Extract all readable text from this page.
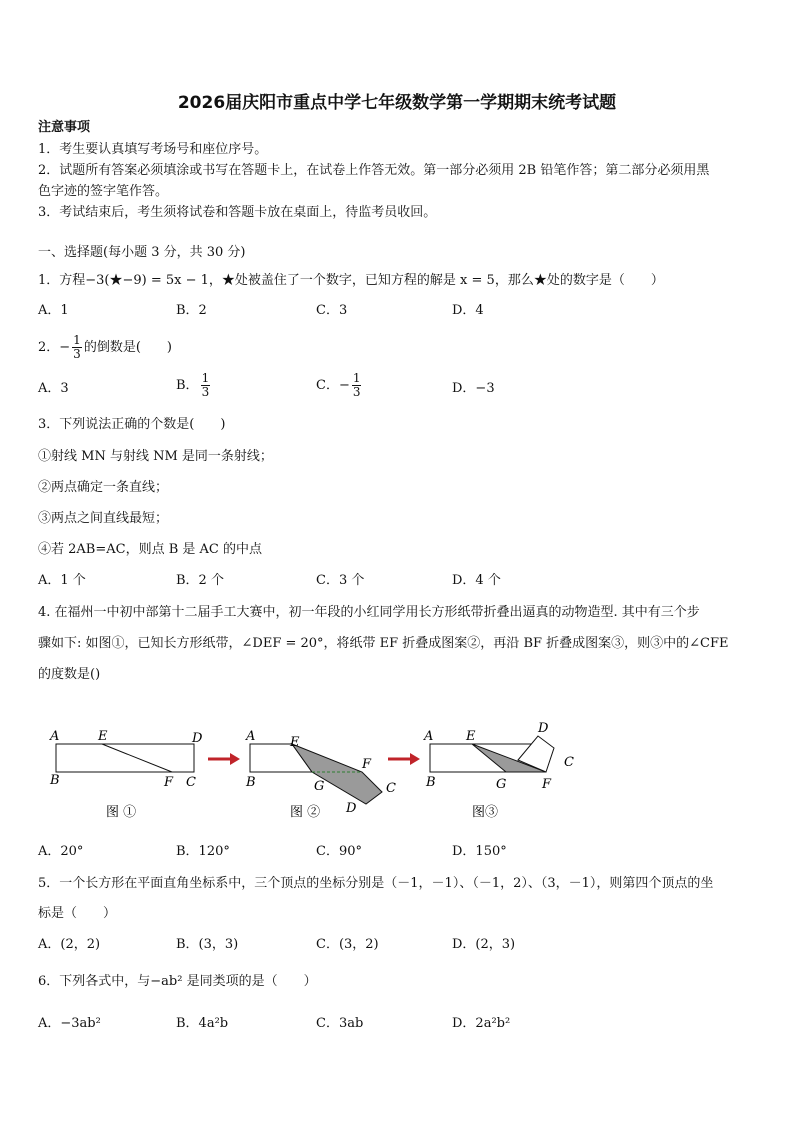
2026届庆阳市重点中学七年级数学第一学期期末统考试题
注意事项
1．考生要认真填写考场号和座位序号。
2．试题所有答案必须填涂或书写在答题卡上，在试卷上作答无效。第一部分必须用 2B 铅笔作答；第二部分必须用黑
色字迹的签字笔作答。
3．考试结束后，考生须将试卷和答题卡放在桌面上，待监考员收回。
一、选择题(每小题 3 分，共 30 分)
1．方程−3(★−9) = 5x − 1，★处被盖住了一个数字，已知方程的解是 x = 5，那么★处的数字是（　　）
A．1	B．2	C．3	D．4
2．− $\frac{1}{3}$ 的倒数是(　　)
A．3	B． $\frac{1}{3}$	C．− $\frac{1}{3}$	D．−3
3．下列说法正确的个数是(　　)
①射线 MN 与射线 NM 是同一条射线；
②两点确定一条直线；
③两点之间直线最短；
④若 2AB=AC，则点 B 是 AC 的中点
A．1 个	B．2 个	C．3 个	D．4 个
4. 在福州一中初中部第十二届手工大赛中，初一年段的小红同学用长方形纸带折叠出逼真的动物造型. 其中有三个步
骤如下: 如图①，已知长方形纸带，∠DEF = 20°，将纸带 EF 折叠成图案②，再沿 BF 折叠成图案③，则③中的∠CFE
的度数是()
A	E	D
B	F C
图 ①
A	E
F
B	G	C
D
图 ②
A	E
D
C
B	G	F
图③
A．20°	B．120°	C．90°	D．150°
5．一个长方形在平面直角坐标系中，三个顶点的坐标分别是（－1，－1）、（－1，2）、（3，－1），则第四个顶点的坐
标是（　　）
A．(2，2)	B．(3，3)	C．(3，2)	D．(2，3)
6．下列各式中，与−ab² 是同类项的是（　　）
A．−3ab²	B．4a²b	C．3ab	D．2a²b²
